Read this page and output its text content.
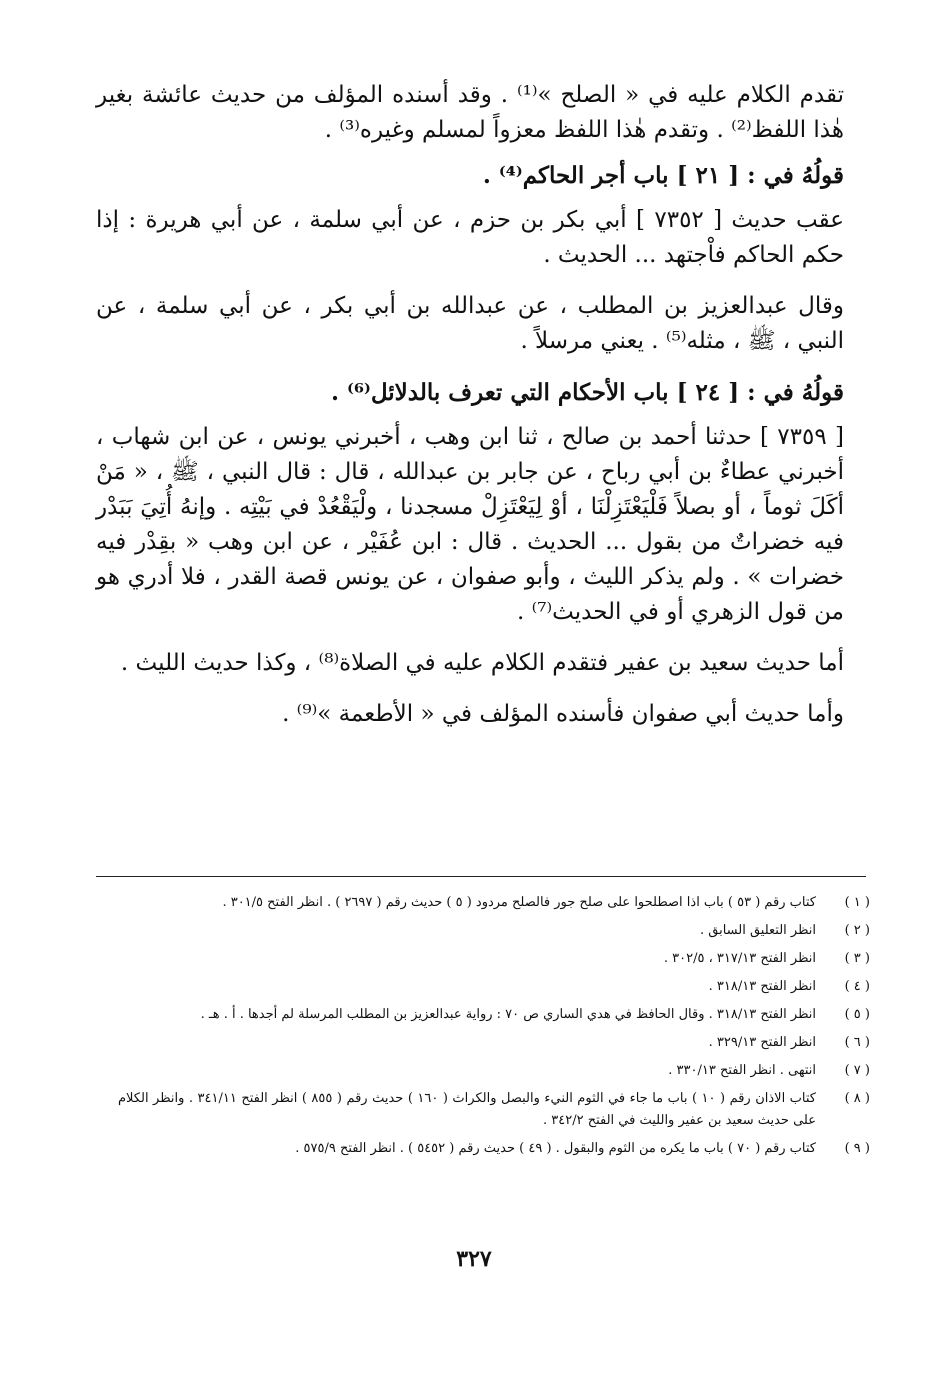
تقدم الكلام عليه في « الصلح »⁽¹⁾ . وقد أسنده المؤلف من حديث عائشة بغير هٰذا اللفظ⁽²⁾ . وتقدم هٰذا اللفظ معزواً لمسلم وغيره⁽³⁾ .

قولُهُ في : [ ٢١ ] باب أجر الحاكم⁽⁴⁾ .

عقب حديث [ ٧٣٥٢ ] أبي بكر بن حزم ، عن أبي سلمة ، عن أبي هريرة : إذا حكم الحاكم فاْجتهد ... الحديث .

وقال عبدالعزيز بن المطلب ، عن عبدالله بن أبي بكر ، عن أبي سلمة ، عن النبي ، ﷺ ، مثله⁽⁵⁾ . يعني مرسلاً .

قولُهُ في : [ ٢٤ ] باب الأحكام التي تعرف بالدلائل⁽⁶⁾ .

[ ٧٣٥٩ ] حدثنا أحمد بن صالح ، ثنا ابن وهب ، أخبرني يونس ، عن ابن شهاب ، أخبرني عطاءٌ بن أبي رباح ، عن جابر بن عبدالله ، قال : قال النبي ، ﷺ ، « مَنْ أكَلَ ثوماً ، أو بصلاً فَلْيَعْتَزِلْنَا ، أوْ لِيَعْتَزِلْ مسجدنا ، ولْيَقْعُدْ في بَيْتِه . وإنهُ أُتِيَ بَبَدْر فيه خضراتٌ من بقول ... الحديث . قال : ابن عُفَيْر ، عن ابن وهب « بقِدْر فيه خضرات » . ولم يذكر الليث ، وأبو صفوان ، عن يونس قصة القدر ، فلا أدري هو من قول الزهري أو في الحديث⁽⁷⁾ .

أما حديث سعيد بن عفير فتقدم الكلام عليه في الصلاة⁽⁸⁾ ، وكذا حديث الليث .

وأما حديث أبي صفوان فأسنده المؤلف في « الأطعمة »⁽⁹⁾ .

( ١ )
كتاب رقم ( ٥٣ ) باب اذا اصطلحوا على صلح جور فالصلح مردود ( ٥ ) حديث رقم ( ٢٦٩٧ ) . انظر الفتح ٣٠١/٥ .
( ٢ )
انظر التعليق السابق .
( ٣ )
انظر الفتح ٣١٧/١٣ ، ٣٠٢/٥ .
( ٤ )
انظر الفتح ٣١٨/١٣ .
( ٥ )
انظر الفتح ٣١٨/١٣ . وقال الحافظ في هدي الساري ص ٧٠ : رواية عبدالعزيز بن المطلب المرسلة لم أجدها . أ . هـ .
( ٦ )
انظر الفتح ٣٢٩/١٣ .
( ٧ )
انتهى . انظر الفتح ٣٣٠/١٣ .
( ٨ )
كتاب الاذان رقم ( ١٠ ) باب ما جاء في الثوم النيء والبصل والكراث ( ١٦٠ ) حديث رقم ( ٨٥٥ ) انظر الفتح ٣٤١/١١ . وانظر الكلام على حديث سعيد بن عفير والليث في الفتح ٣٤٢/٢ .
( ٩ )
كتاب رقم ( ٧٠ ) باب ما يكره من الثوم والبقول . ( ٤٩ ) حديث رقم ( ٥٤٥٢ ) . انظر الفتح ٥٧٥/٩ .
٣٢٧
